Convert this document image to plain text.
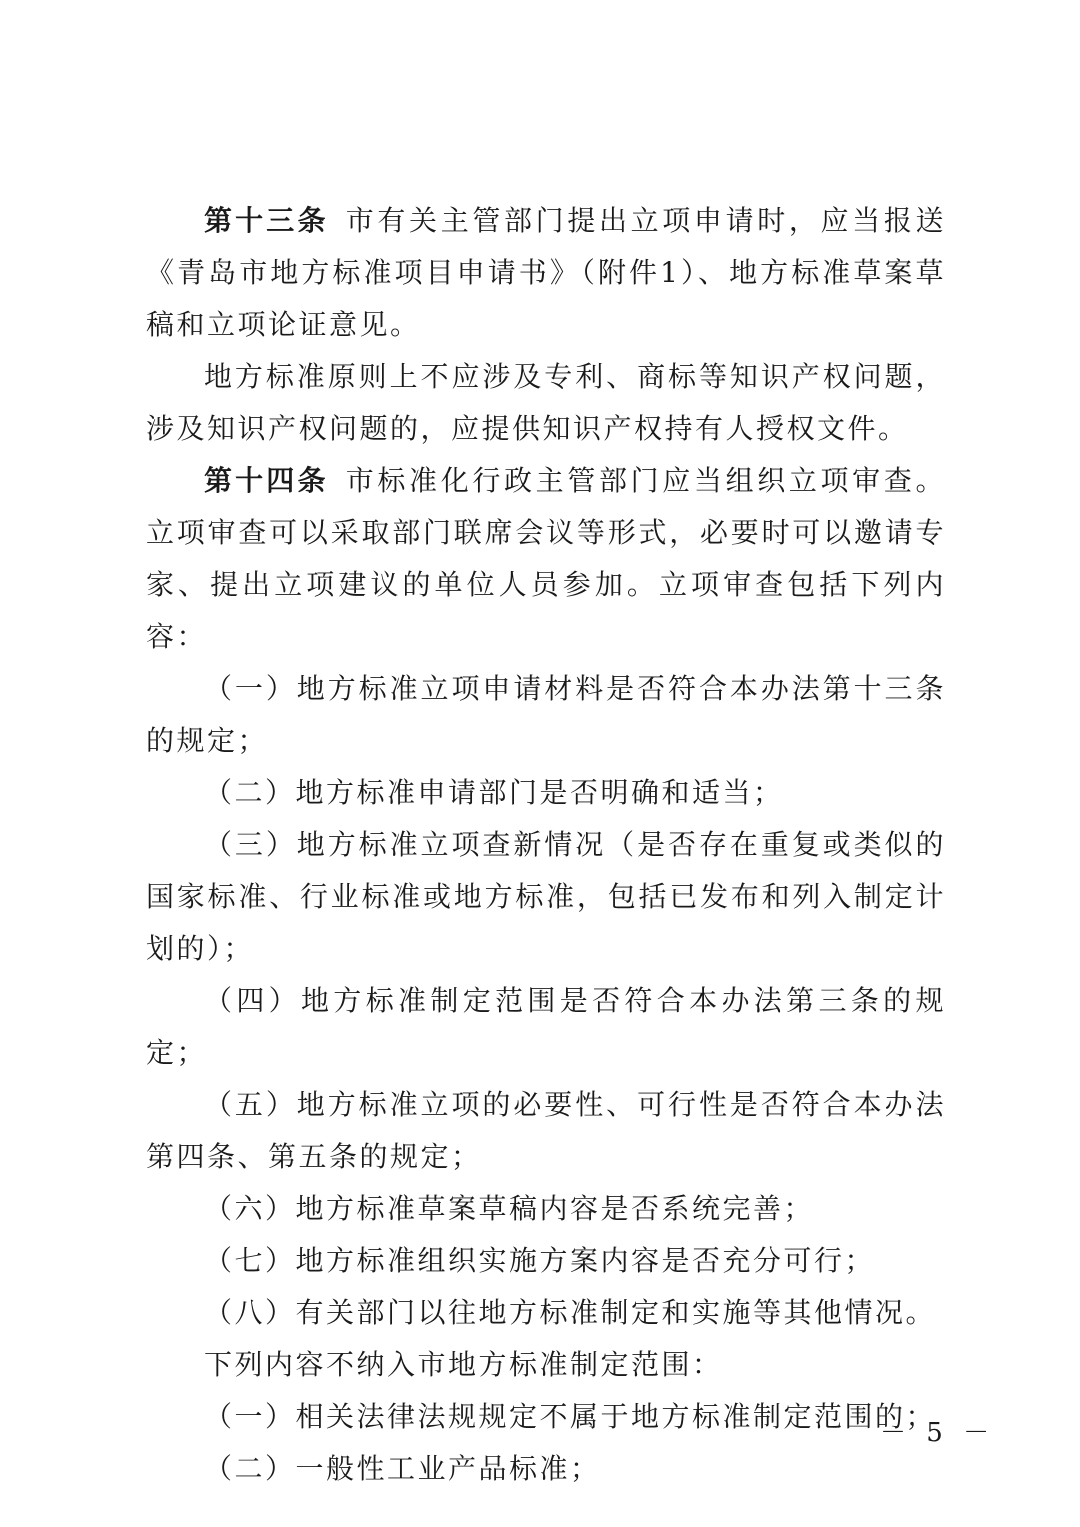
第十三条 市有关主管部门提出立项申请时，应当报送《青岛市地方标准项目申请书》（附件1）、地方标准草案草稿和立项论证意见。

地方标准原则上不应涉及专利、商标等知识产权问题，涉及知识产权问题的，应提供知识产权持有人授权文件。

第十四条 市标准化行政主管部门应当组织立项审查。立项审查可以采取部门联席会议等形式，必要时可以邀请专家、提出立项建议的单位人员参加。立项审查包括下列内容：

（一）地方标准立项申请材料是否符合本办法第十三条的规定；

（二）地方标准申请部门是否明确和适当；

（三）地方标准立项查新情况（是否存在重复或类似的国家标准、行业标准或地方标准，包括已发布和列入制定计划的）；

（四）地方标准制定范围是否符合本办法第三条的规定；

（五）地方标准立项的必要性、可行性是否符合本办法第四条、第五条的规定；

（六）地方标准草案草稿内容是否系统完善；

（七）地方标准组织实施方案内容是否充分可行；

（八）有关部门以往地方标准制定和实施等其他情况。

下列内容不纳入市地方标准制定范围：

（一）相关法律法规规定不属于地方标准制定范围的；

（二）一般性工业产品标准；

－ 5 －
